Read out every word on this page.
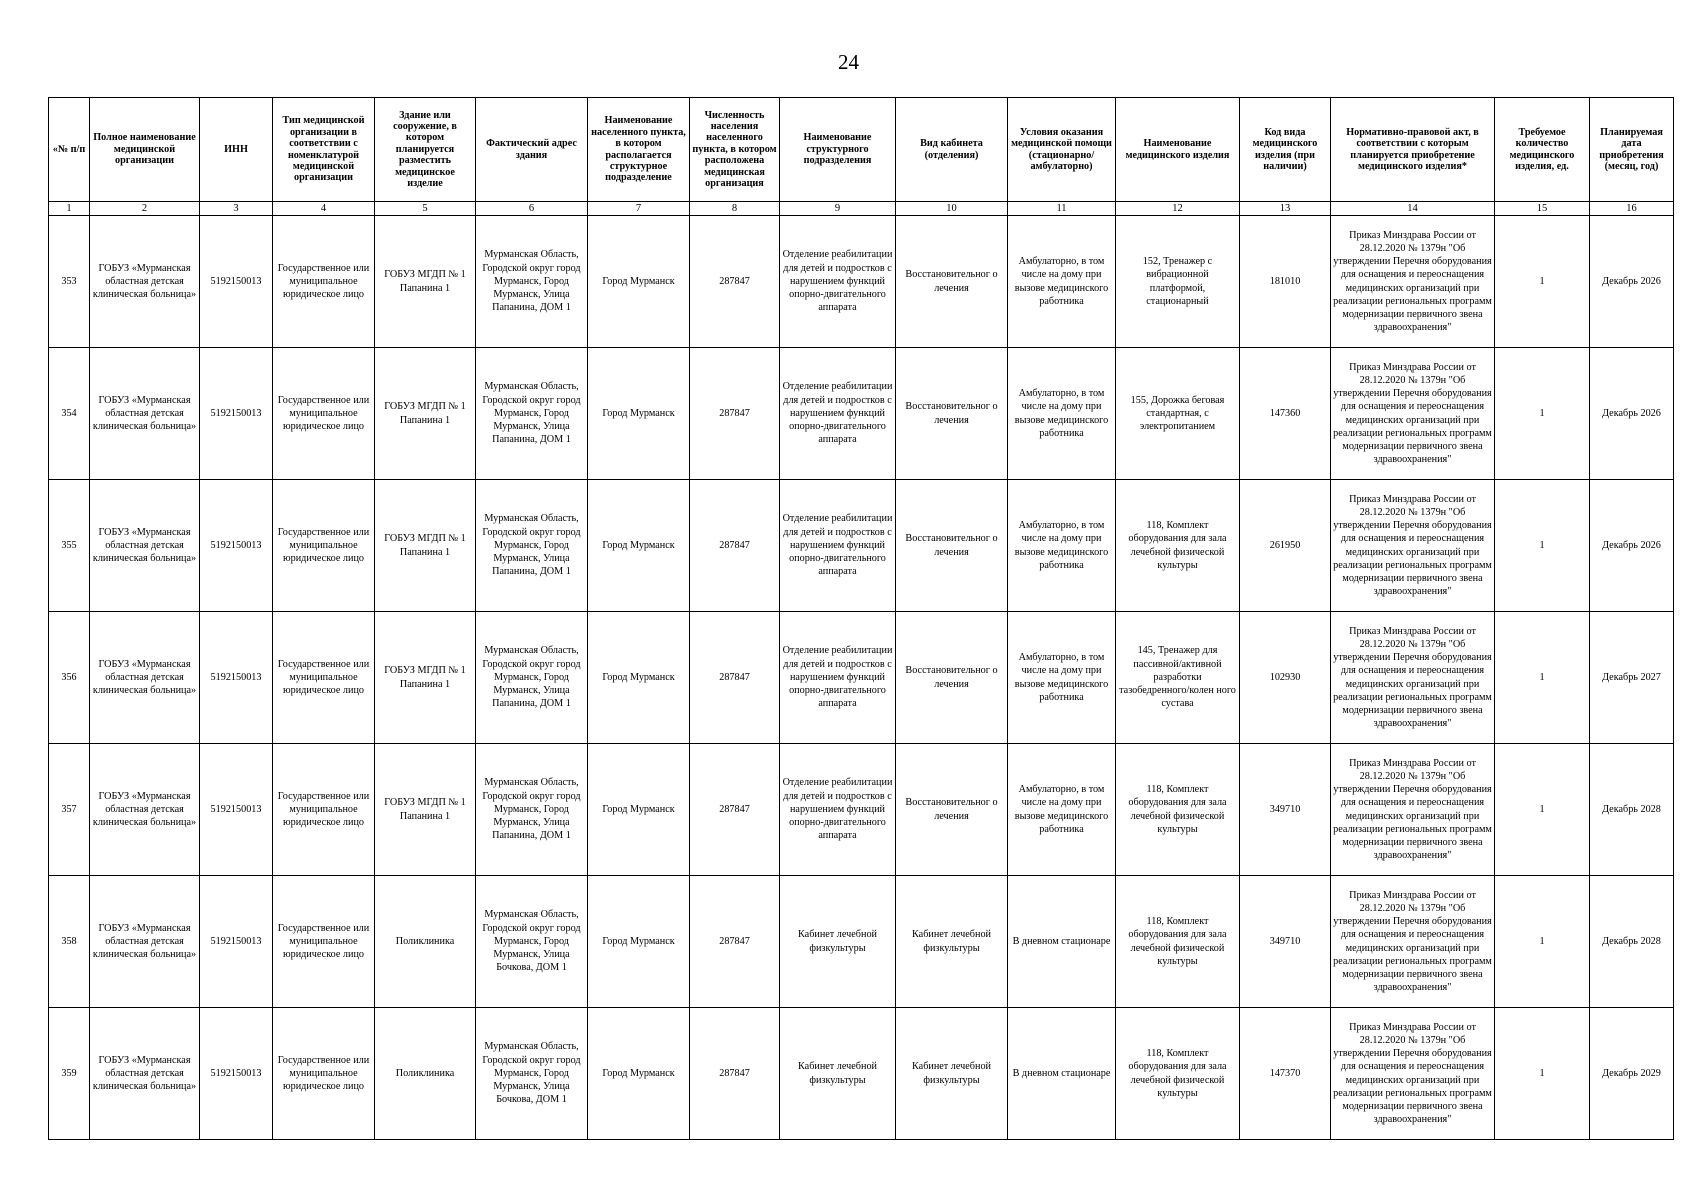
24
«№ п/п	Полное наименование медицинской организации	ИНН	Тип медицинской организации в соответствии с номенклатурой медицинской организации	Здание или сооружение, в котором планируется разместить медицинское изделие	Фактический адрес здания	Наименование населенного пункта, в котором располагается структурное подразделение	Численность населения населенного пункта, в котором расположена медицинская организация	Наименование структурного подразделения	Вид кабинета (отделения)	Условия оказания медицинской помощи (стационарно/ амбулаторно)	Наименование медицинского изделия	Код вида медицинского изделия (при наличии)	Нормативно-правовой акт, в соответствии с которым планируется приобретение медицинского изделия*	Требуемое количество медицинского изделия, ед.	Планируемая дата приобретения (месяц, год)
1	2	3	4	5	6	7	8	9	10	11	12	13	14	15	16
353	ГОБУЗ «Мурманская областная детская клиническая больница»	5192150013	Государственное или муниципальное юридическое лицо	ГОБУЗ МГДП № 1 Папанина 1	Мурманская Область, Городской округ город Мурманск, Город Мурманск, Улица Папанина, ДОМ 1	Город Мурманск	287847	Отделение реабилитации для детей и подростков с нарушением функций опорно-двигательного аппарата	Восстановительног о лечения	Амбулаторно, в том числе на дому при вызове медицинского работника	152, Тренажер с вибрационной платформой, стационарный	181010	Приказ Минздрава России от 28.12.2020 № 1379н "Об утверждении Перечня оборудования для оснащения и переоснащения медицинских организаций при реализации региональных программ модернизации первичного звена здравоохранения"	1	Декабрь 2026
354	ГОБУЗ «Мурманская областная детская клиническая больница»	5192150013	Государственное или муниципальное юридическое лицо	ГОБУЗ МГДП № 1 Папанина 1	Мурманская Область, Городской округ город Мурманск, Город Мурманск, Улица Папанина, ДОМ 1	Город Мурманск	287847	Отделение реабилитации для детей и подростков с нарушением функций опорно-двигательного аппарата	Восстановительног о лечения	Амбулаторно, в том числе на дому при вызове медицинского работника	155, Дорожка беговая стандартная, с электропитанием	147360	Приказ Минздрава России от 28.12.2020 № 1379н "Об утверждении Перечня оборудования для оснащения и переоснащения медицинских организаций при реализации региональных программ модернизации первичного звена здравоохранения"	1	Декабрь 2026
355	ГОБУЗ «Мурманская областная детская клиническая больница»	5192150013	Государственное или муниципальное юридическое лицо	ГОБУЗ МГДП № 1 Папанина 1	Мурманская Область, Городской округ город Мурманск, Город Мурманск, Улица Папанина, ДОМ 1	Город Мурманск	287847	Отделение реабилитации для детей и подростков с нарушением функций опорно-двигательного аппарата	Восстановительног о лечения	Амбулаторно, в том числе на дому при вызове медицинского работника	118, Комплект оборудования для зала лечебной физической культуры	261950	Приказ Минздрава России от 28.12.2020 № 1379н "Об утверждении Перечня оборудования для оснащения и переоснащения медицинских организаций при реализации региональных программ модернизации первичного звена здравоохранения"	1	Декабрь 2026
356	ГОБУЗ «Мурманская областная детская клиническая больница»	5192150013	Государственное или муниципальное юридическое лицо	ГОБУЗ МГДП № 1 Папанина 1	Мурманская Область, Городской округ город Мурманск, Город Мурманск, Улица Папанина, ДОМ 1	Город Мурманск	287847	Отделение реабилитации для детей и подростков с нарушением функций опорно-двигательного аппарата	Восстановительног о лечения	Амбулаторно, в том числе на дому при вызове медицинского работника	145, Тренажер для пассивной/активной разработки тазобедренного/колен ного сустава	102930	Приказ Минздрава России от 28.12.2020 № 1379н "Об утверждении Перечня оборудования для оснащения и переоснащения медицинских организаций при реализации региональных программ модернизации первичного звена здравоохранения"	1	Декабрь 2027
357	ГОБУЗ «Мурманская областная детская клиническая больница»	5192150013	Государственное или муниципальное юридическое лицо	ГОБУЗ МГДП № 1 Папанина 1	Мурманская Область, Городской округ город Мурманск, Город Мурманск, Улица Папанина, ДОМ 1	Город Мурманск	287847	Отделение реабилитации для детей и подростков с нарушением функций опорно-двигательного аппарата	Восстановительног о лечения	Амбулаторно, в том числе на дому при вызове медицинского работника	118, Комплект оборудования для зала лечебной физической культуры	349710	Приказ Минздрава России от 28.12.2020 № 1379н "Об утверждении Перечня оборудования для оснащения и переоснащения медицинских организаций при реализации региональных программ модернизации первичного звена здравоохранения"	1	Декабрь 2028
358	ГОБУЗ «Мурманская областная детская клиническая больница»	5192150013	Государственное или муниципальное юридическое лицо	Поликлиника	Мурманская Область, Городской округ город Мурманск, Город Мурманск, Улица Бочкова, ДОМ 1	Город Мурманск	287847	Кабинет лечебной физкультуры	Кабинет лечебной физкультуры	В дневном стационаре	118, Комплект оборудования для зала лечебной физической культуры	349710	Приказ Минздрава России от 28.12.2020 № 1379н "Об утверждении Перечня оборудования для оснащения и переоснащения медицинских организаций при реализации региональных программ модернизации первичного звена здравоохранения"	1	Декабрь 2028
359	ГОБУЗ «Мурманская областная детская клиническая больница»	5192150013	Государственное или муниципальное юридическое лицо	Поликлиника	Мурманская Область, Городской округ город Мурманск, Город Мурманск, Улица Бочкова, ДОМ 1	Город Мурманск	287847	Кабинет лечебной физкультуры	Кабинет лечебной физкультуры	В дневном стационаре	118, Комплект оборудования для зала лечебной физической культуры	147370	Приказ Минздрава России от 28.12.2020 № 1379н "Об утверждении Перечня оборудования для оснащения и переоснащения медицинских организаций при реализации региональных программ модернизации первичного звена здравоохранения"	1	Декабрь 2029
